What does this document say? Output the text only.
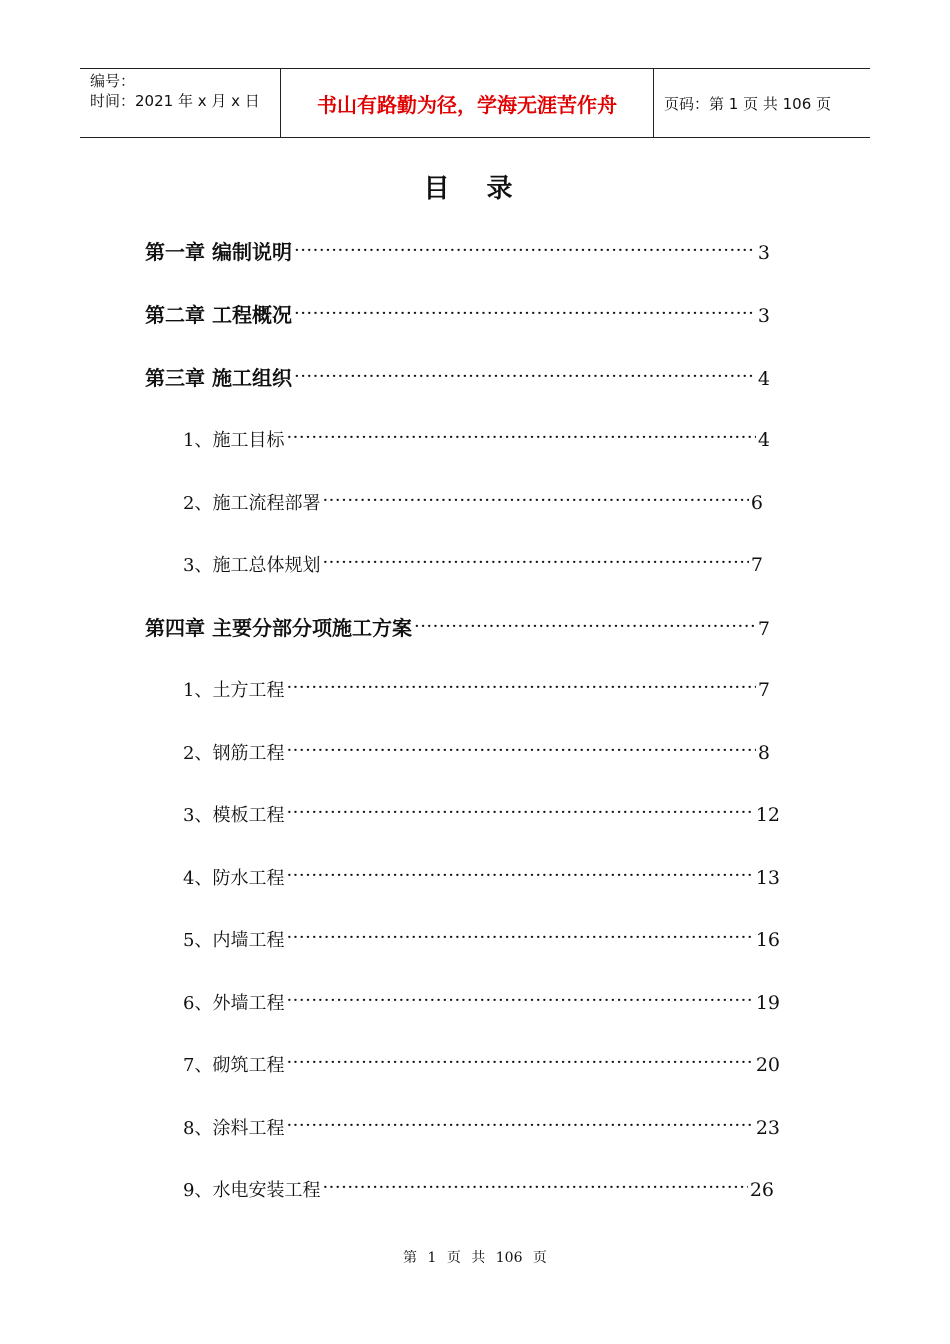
编号：
时间：2021 年 x 月 x 日	书山有路勤为径，学海无涯苦作舟	页码：第 1 页 共 106 页
目 录
第一章 编制说明 ·····	3
第二章 工程概况 ·····	3
第三章 施工组织 ·····	4
1、施工目标 ·····	4
2、施工流程部署 ·····	6
3、施工总体规划 ·····	7
第四章 主要分部分项施工方案 ·····	7
1、土方工程 ·····	7
2、钢筋工程 ·····	8
3、模板工程 ·····	12
4、防水工程 ·····	13
5、内墙工程 ·····	16
6、外墙工程 ·····	19
7、砌筑工程 ·····	20
8、涂料工程 ·····	23
9、水电安装工程 ·····	26
第 1 页 共 106 页
